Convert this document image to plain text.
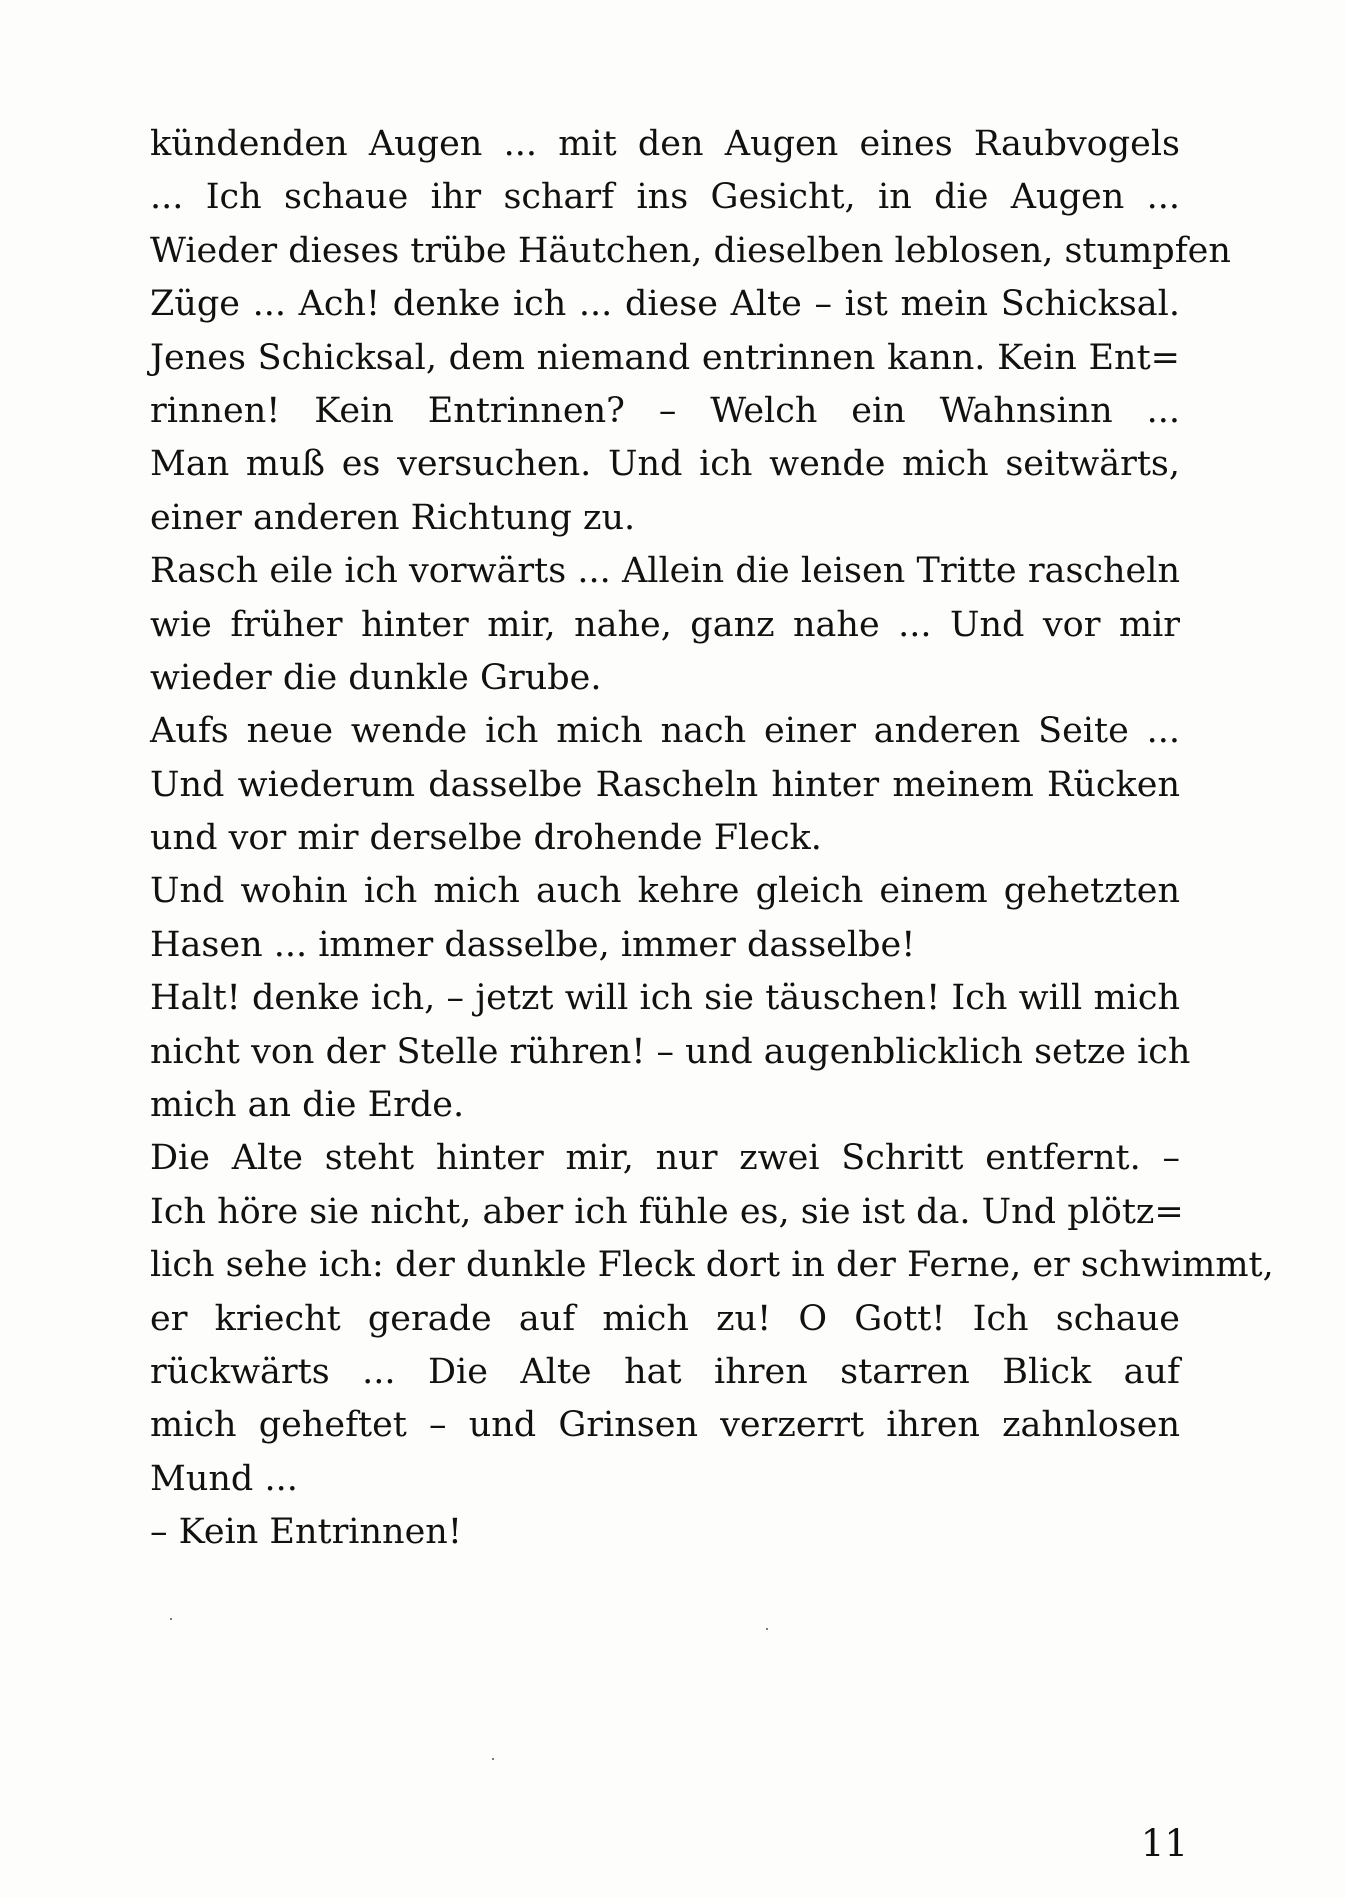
kündenden Augen ... mit den Augen eines Raubvogels
... Ich schaue ihr scharf ins Gesicht, in die Augen ...
Wieder dieses trübe Häutchen, dieselben leblosen, stumpfen
Züge ... Ach! denke ich ... diese Alte – ist mein Schicksal.
Jenes Schicksal, dem niemand entrinnen kann. Kein Ent=
rinnen! Kein Entrinnen? – Welch ein Wahnsinn ...
Man muß es versuchen. Und ich wende mich seitwärts,
einer anderen Richtung zu.
Rasch eile ich vorwärts ... Allein die leisen Tritte rascheln
wie früher hinter mir, nahe, ganz nahe ... Und vor mir
wieder die dunkle Grube.
Aufs neue wende ich mich nach einer anderen Seite ...
Und wiederum dasselbe Rascheln hinter meinem Rücken
und vor mir derselbe drohende Fleck.
Und wohin ich mich auch kehre gleich einem gehetzten
Hasen ... immer dasselbe, immer dasselbe!
Halt! denke ich, – jetzt will ich sie täuschen! Ich will mich
nicht von der Stelle rühren! – und augenblicklich setze ich
mich an die Erde.
Die Alte steht hinter mir, nur zwei Schritt entfernt. –
Ich höre sie nicht, aber ich fühle es, sie ist da. Und plötz=
lich sehe ich: der dunkle Fleck dort in der Ferne, er schwimmt,
er kriecht gerade auf mich zu! O Gott! Ich schaue
rückwärts ... Die Alte hat ihren starren Blick auf
mich geheftet – und Grinsen verzerrt ihren zahnlosen
Mund ...
– Kein Entrinnen!
11
